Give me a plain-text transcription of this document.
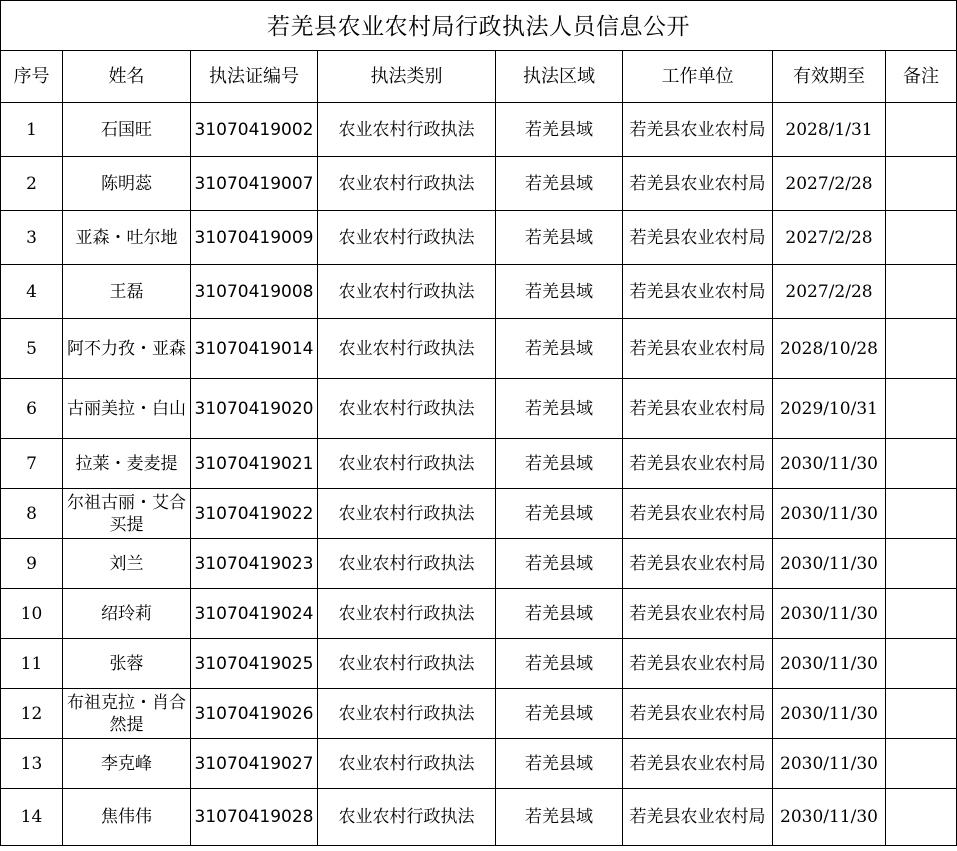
若羌县农业农村局行政执法人员信息公开
序号	姓名	执法证编号	执法类别	执法区域	工作单位	有效期至	备注
1	石国旺	31070419002	农业农村行政执法	若羌县域	若羌县农业农村局	2028/1/31	
2	陈明蕊	31070419007	农业农村行政执法	若羌县域	若羌县农业农村局	2027/2/28	
3	亚森・吐尔地	31070419009	农业农村行政执法	若羌县域	若羌县农业农村局	2027/2/28	
4	王磊	31070419008	农业农村行政执法	若羌县域	若羌县农业农村局	2027/2/28	
5	阿不力孜・亚森	31070419014	农业农村行政执法	若羌县域	若羌县农业农村局	2028/10/28	
6	古丽美拉・白山	31070419020	农业农村行政执法	若羌县域	若羌县农业农村局	2029/10/31	
7	拉莱・麦麦提	31070419021	农业农村行政执法	若羌县域	若羌县农业农村局	2030/11/30	
8	尔祖古丽・艾合买提	31070419022	农业农村行政执法	若羌县域	若羌县农业农村局	2030/11/30	
9	刘兰	31070419023	农业农村行政执法	若羌县域	若羌县农业农村局	2030/11/30	
10	绍玲莉	31070419024	农业农村行政执法	若羌县域	若羌县农业农村局	2030/11/30	
11	张蓉	31070419025	农业农村行政执法	若羌县域	若羌县农业农村局	2030/11/30	
12	布祖克拉・肖合然提	31070419026	农业农村行政执法	若羌县域	若羌县农业农村局	2030/11/30	
13	李克峰	31070419027	农业农村行政执法	若羌县域	若羌县农业农村局	2030/11/30	
14	焦伟伟	31070419028	农业农村行政执法	若羌县域	若羌县农业农村局	2030/11/30	
